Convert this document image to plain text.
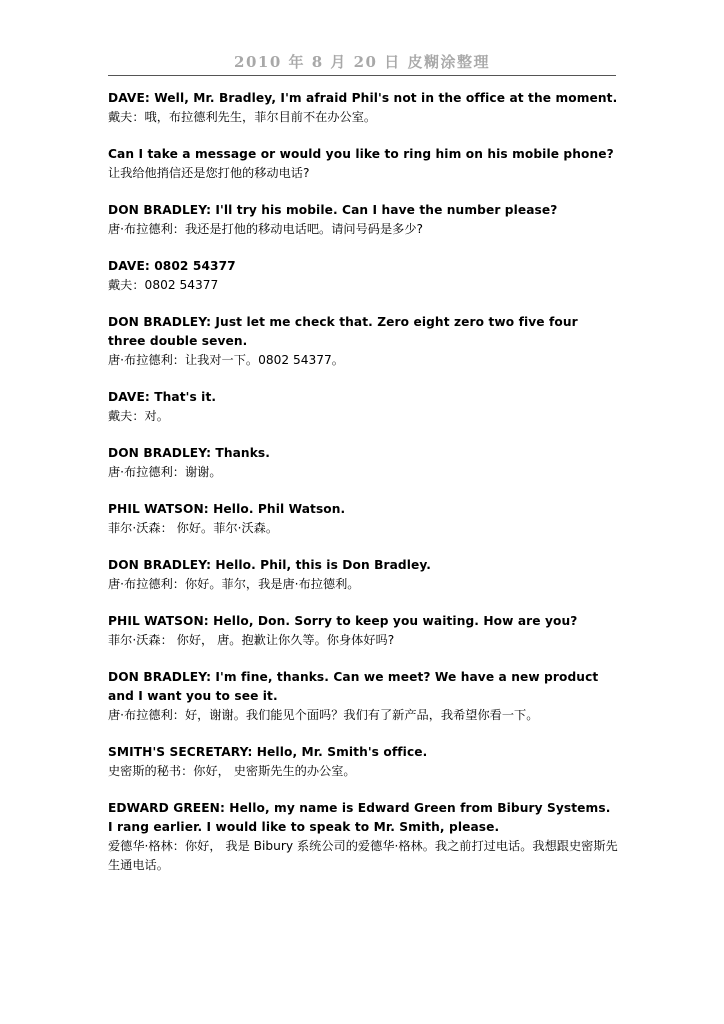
2010 年 8 月 20 日 皮糊涂整理
DAVE: Well, Mr. Bradley, I'm afraid Phil's not in the office at the moment.
戴夫：哦，布拉德利先生，菲尔目前不在办公室。
Can I take a message or would you like to ring him on his mobile phone?
让我给他捎信还是您打他的移动电话?
DON BRADLEY: I'll try his mobile. Can I have the number please?
唐·布拉德利：我还是打他的移动电话吧。请问号码是多少?
DAVE: 0802 54377
戴夫：0802 54377
DON BRADLEY: Just let me check that. Zero eight zero two five four three double seven.
唐·布拉德利：让我对一下。0802 54377。
DAVE: That's it.
戴夫：对。
DON BRADLEY: Thanks.
唐·布拉德利：谢谢。
PHIL WATSON: Hello. Phil Watson.
菲尔·沃森： 你好。菲尔·沃森。
DON BRADLEY: Hello. Phil, this is Don Bradley.
唐·布拉德利：你好。菲尔，我是唐·布拉德利。
PHIL WATSON: Hello, Don. Sorry to keep you waiting. How are you?
菲尔·沃森： 你好， 唐。抱歉让你久等。你身体好吗?
DON BRADLEY: I'm fine, thanks. Can we meet? We have a new product and I want you to see it.
唐·布拉德利：好，谢谢。我们能见个面吗？我们有了新产品，我希望你看一下。
SMITH'S SECRETARY: Hello, Mr. Smith's office.
史密斯的秘书：你好， 史密斯先生的办公室。
EDWARD GREEN: Hello, my name is Edward Green from Bibury Systems. I rang earlier. I would like to speak to Mr. Smith, please.
爱德华·格林：你好， 我是 Bibury 系统公司的爱德华·格林。我之前打过电话。我想跟史密斯先生通电话。
